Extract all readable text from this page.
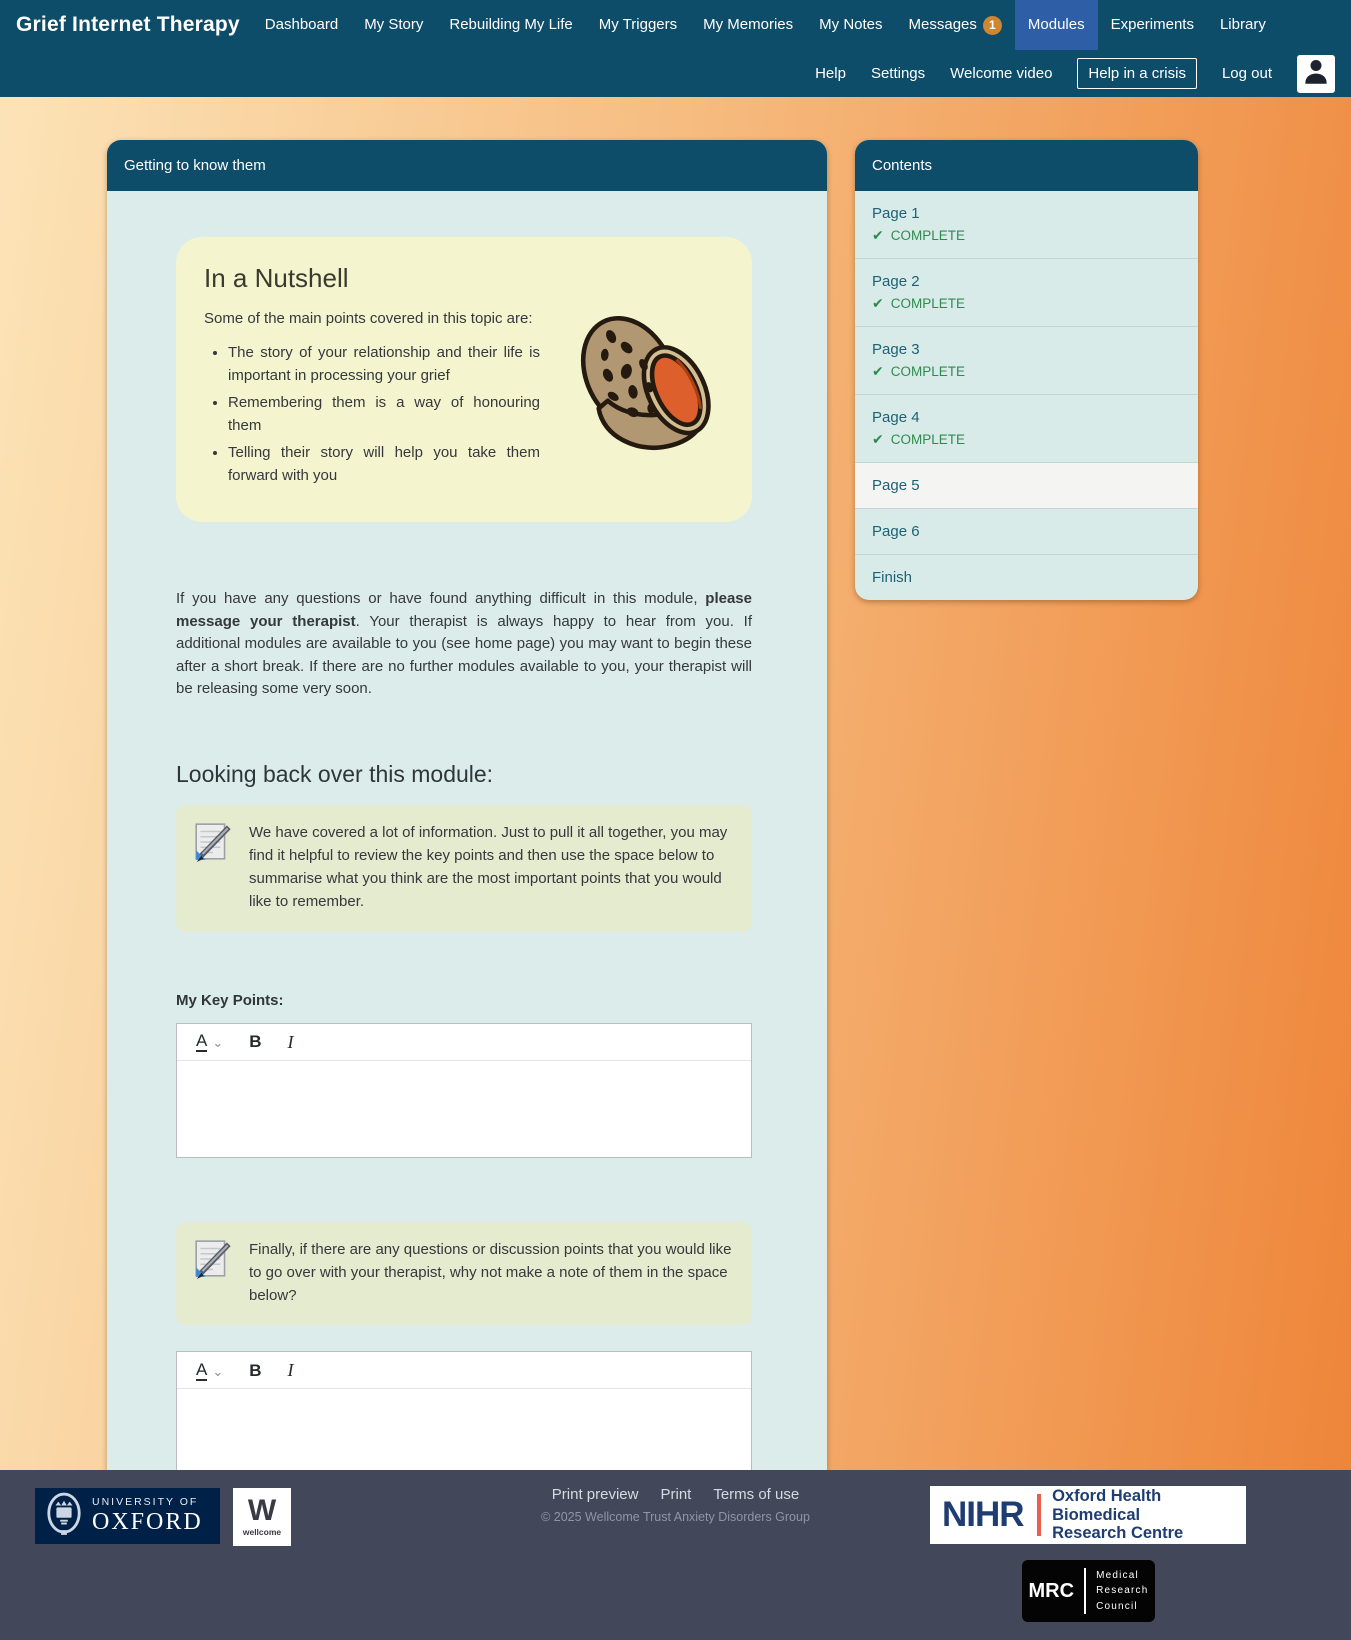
Grief Internet Therapy Dashboard My Story Rebuilding My Life My Triggers My Memories My Notes Messages	1	Modules Experiments Library
Help Settings Welcome video	Help in a crisis	Log out
Getting to know them
In a Nutshell
Some of the main points covered in this topic are:
• The story of your relationship and their life is important in processing your grief
• Remembering them is a way of honouring them
• Telling their story will help you take them forward with you

If you have any questions or have found anything difficult in this module, please message your therapist. Your therapist is always happy to hear from you. If additional modules are available to you (see home page) you may want to begin these after a short break. If there are no further modules available to you, your therapist will be releasing some very soon.

Looking back over this module:
We have covered a lot of information. Just to pull it all together, you may find it helpful to review the key points and then use the space below to summarise what you think are the most important points that you would like to remember.
My Key Points:
A ⌄ B I
Finally, if there are any questions or discussion points that you would like to go over with your therapist, why not make a note of them in the space below?
A ⌄ B I
Contents
Page 1
✔ COMPLETE
Page 2
✔ COMPLETE
Page 3
✔ COMPLETE
Page 4
✔ COMPLETE
Page 5
Page 6
Finish
UNIVERSITY OF
OXFORD W
wellcome
Print preview Print Terms of use
© 2025 Wellcome Trust Anxiety Disorders Group	NIHR Oxford Health Biomedical
Research Centre
MRC
Medical
Research
Council
